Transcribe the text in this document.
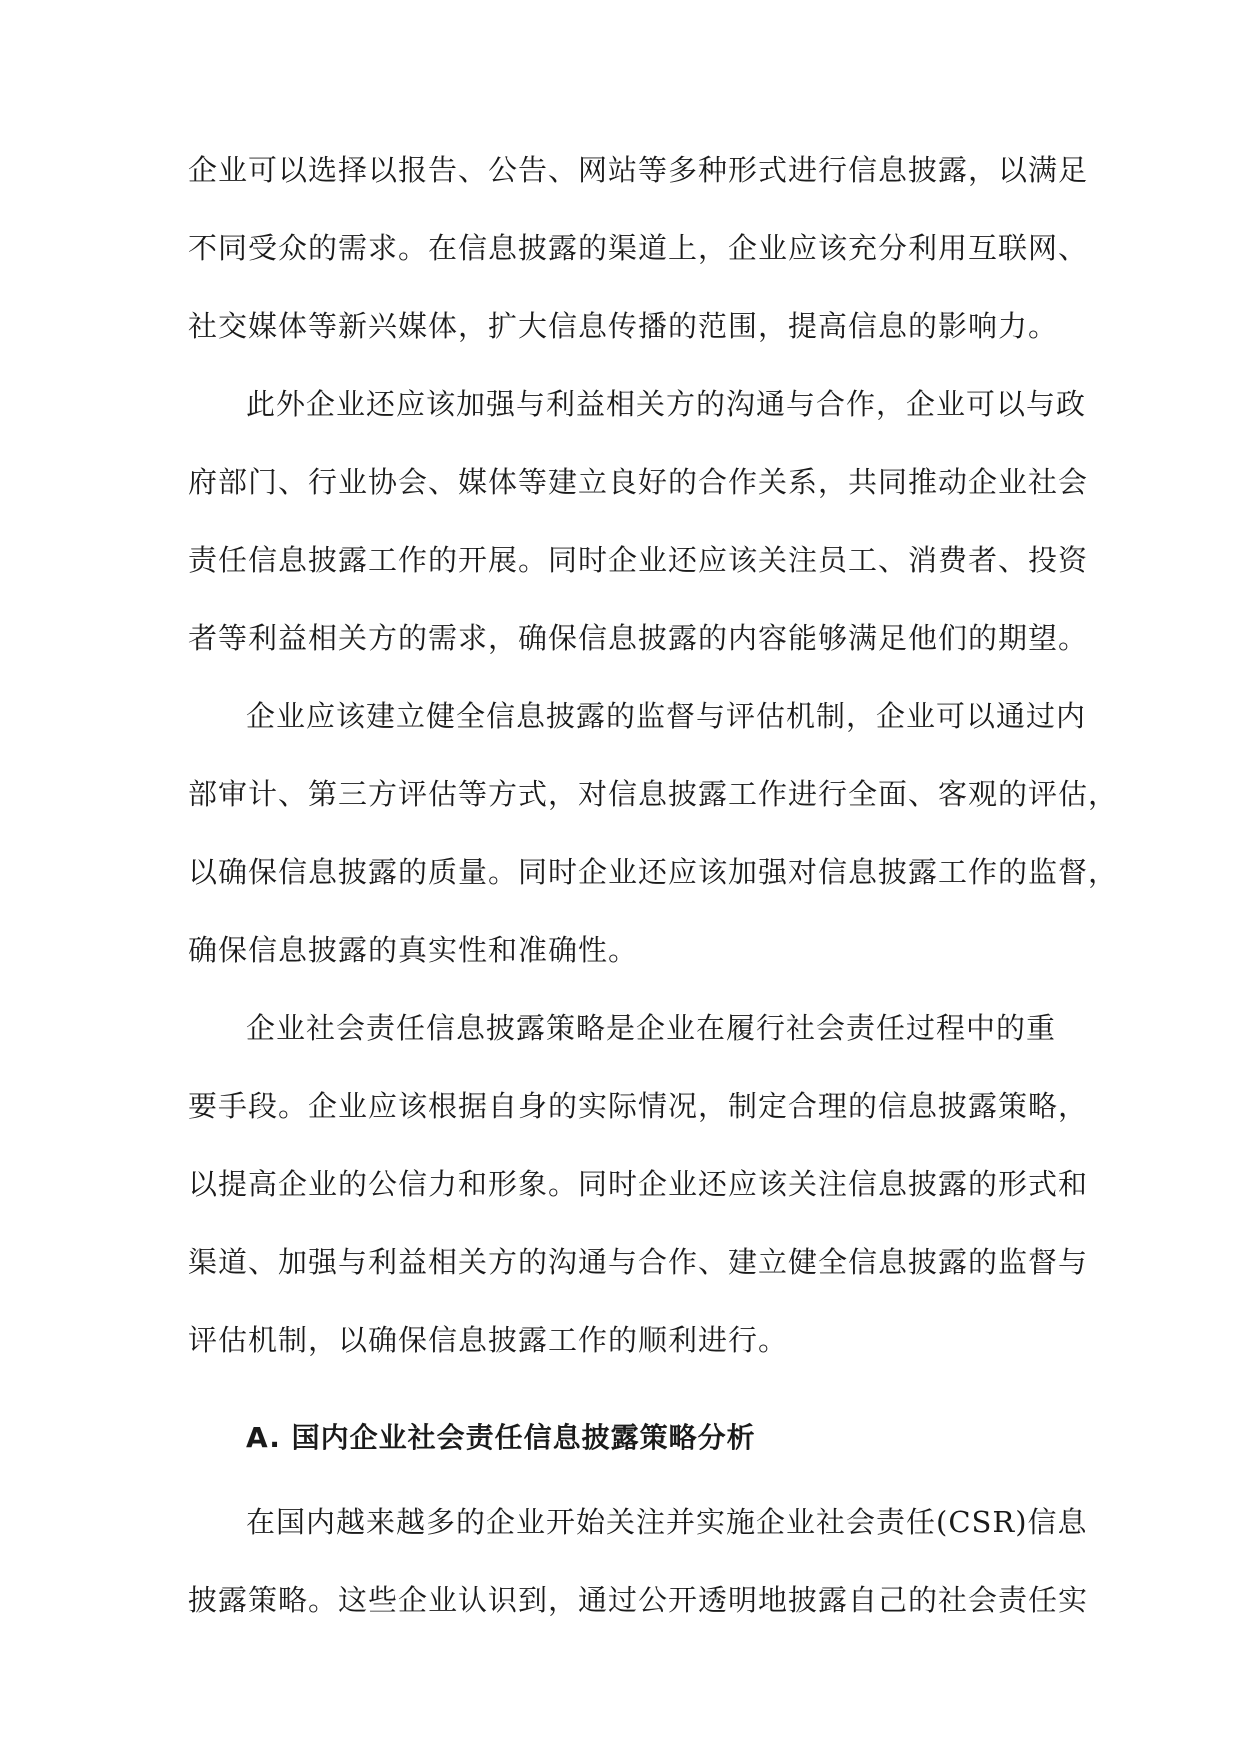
企业可以选择以报告、公告、网站等多种形式进行信息披露，以满足
不同受众的需求。在信息披露的渠道上，企业应该充分利用互联网、
社交媒体等新兴媒体，扩大信息传播的范围，提高信息的影响力。
此外企业还应该加强与利益相关方的沟通与合作，企业可以与政
府部门、行业协会、媒体等建立良好的合作关系，共同推动企业社会
责任信息披露工作的开展。同时企业还应该关注员工、消费者、投资
者等利益相关方的需求，确保信息披露的内容能够满足他们的期望。
企业应该建立健全信息披露的监督与评估机制，企业可以通过内
部审计、第三方评估等方式，对信息披露工作进行全面、客观的评估，
以确保信息披露的质量。同时企业还应该加强对信息披露工作的监督，
确保信息披露的真实性和准确性。
企业社会责任信息披露策略是企业在履行社会责任过程中的重
要手段。企业应该根据自身的实际情况，制定合理的信息披露策略，
以提高企业的公信力和形象。同时企业还应该关注信息披露的形式和
渠道、加强与利益相关方的沟通与合作、建立健全信息披露的监督与
评估机制，以确保信息披露工作的顺利进行。
A. 国内企业社会责任信息披露策略分析
在国内越来越多的企业开始关注并实施企业社会责任(CSR)信息
披露策略。这些企业认识到，通过公开透明地披露自己的社会责任实
